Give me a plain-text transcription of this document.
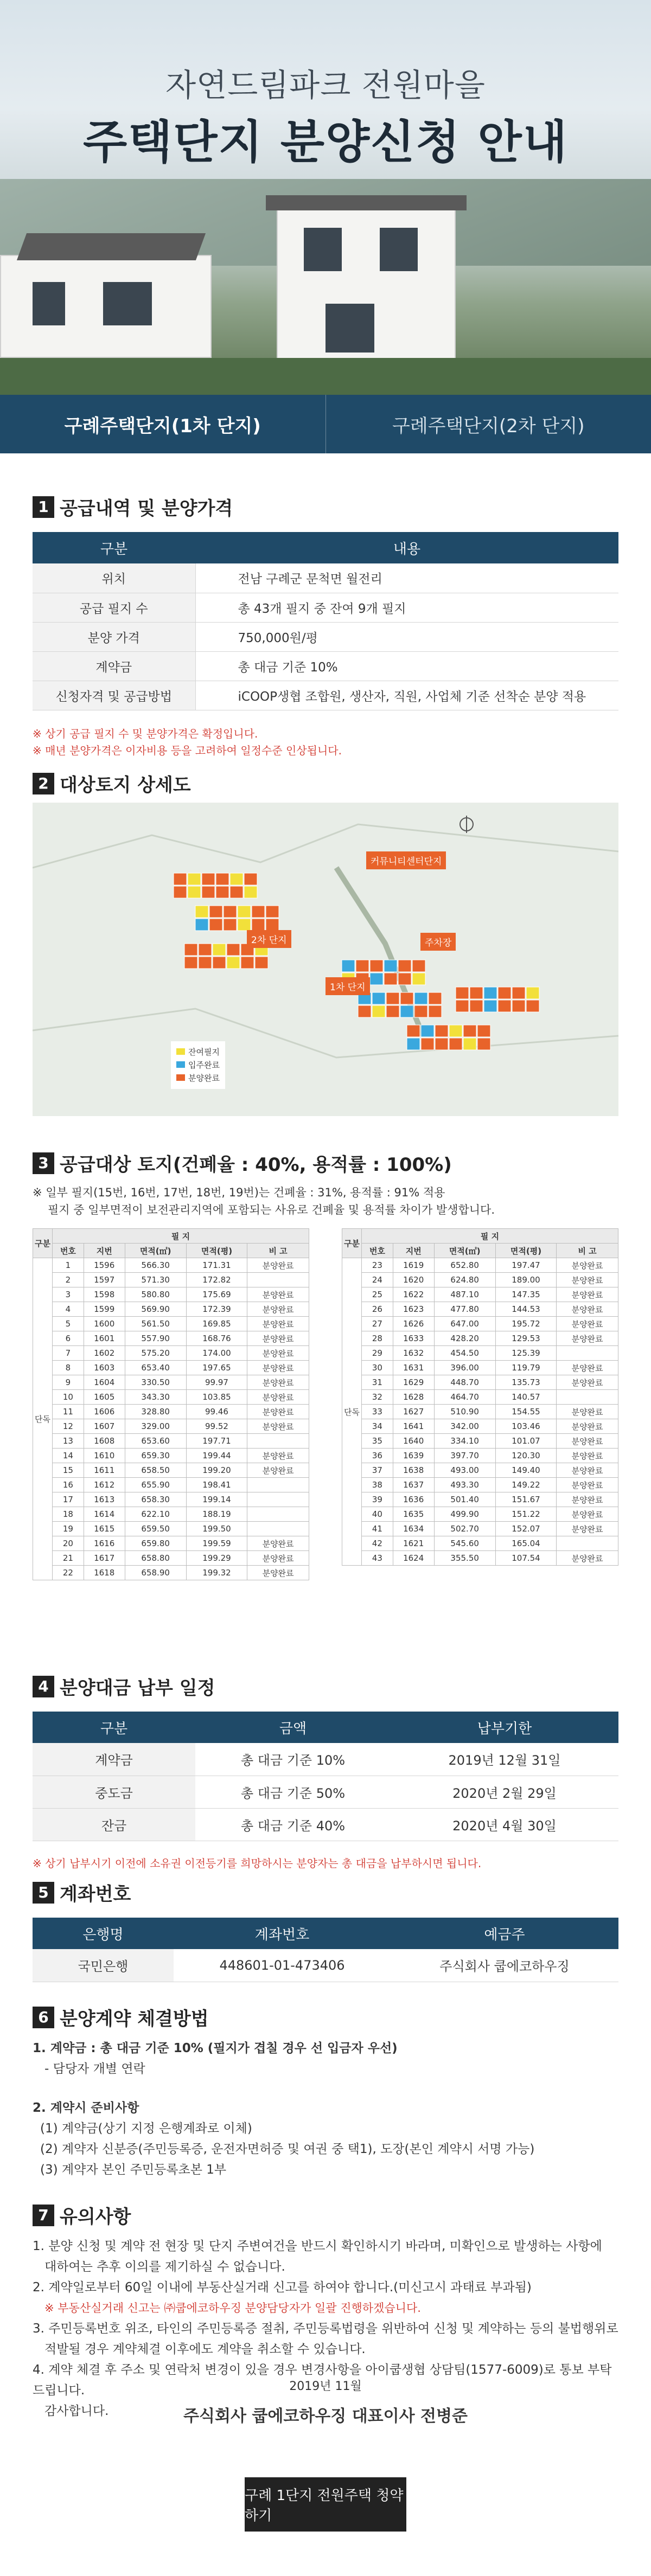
자연드림파크 전원마을
주택단지 분양신청 안내
구례주택단지(1차 단지)	구례주택단지(2차 단지)
1 공급내역 및 분양가격
구분	내용
위치	전남 구례군 문척면 월전리
공급 필지 수	총 43개 필지 중 잔여 9개 필지
분양 가격	750,000원/평
계약금	총 대금 기준 10%
신청자격 및 공급방법	iCOOP생협 조합원, 생산자, 직원, 사업체 기준 선착순 분양 적용
※ 상기 공급 필지 수 및 분양가격은 확정입니다.
※ 매년 분양가격은 이자비용 등을 고려하여 일정수준 인상됩니다.
2 대상토지 상세도
커뮤니티센터단지
2차 단지	주차장
1차 단지
잔여필지
입주완료
분양완료
3 공급대상 토지(건폐율 : 40%, 용적률 : 100%)
※ 일부 필지(15번, 16번, 17번, 18번, 19번)는 건폐율 : 31%, 용적률 : 91% 적용
필지 중 일부면적이 보전관리지역에 포함되는 사유로 건폐율 및 용적률 차이가 발생합니다.
구분	필 지				
	번호	지번	면적(㎡)	면적(평)	비 고
단독	1	1596	566.30	171.31	분양완료
	2	1597	571.30	172.82	
	3	1598	580.80	175.69	분양완료
	4	1599	569.90	172.39	분양완료
	5	1600	561.50	169.85	분양완료
	6	1601	557.90	168.76	분양완료
	7	1602	575.20	174.00	분양완료
	8	1603	653.40	197.65	분양완료
	9	1604	330.50	99.97	분양완료
	10	1605	343.30	103.85	분양완료
	11	1606	328.80	99.46	분양완료
	12	1607	329.00	99.52	분양완료
	13	1608	653.60	197.71	
	14	1610	659.30	199.44	분양완료
	15	1611	658.50	199.20	분양완료
	16	1612	655.90	198.41	
	17	1613	658.30	199.14	
	18	1614	622.10	188.19	
	19	1615	659.50	199.50	
	20	1616	659.80	199.59	분양완료
	21	1617	658.80	199.29	분양완료
	22	1618	658.90	199.32	분양완료
구분	필 지				
	번호	지번	면적(㎡)	면적(평)	비 고
단독	23	1619	652.80	197.47	분양완료
	24	1620	624.80	189.00	분양완료
	25	1622	487.10	147.35	분양완료
	26	1623	477.80	144.53	분양완료
	27	1626	647.00	195.72	분양완료
	28	1633	428.20	129.53	분양완료
	29	1632	454.50	125.39	
	30	1631	396.00	119.79	분양완료
	31	1629	448.70	135.73	분양완료
	32	1628	464.70	140.57	
	33	1627	510.90	154.55	분양완료
	34	1641	342.00	103.46	분양완료
	35	1640	334.10	101.07	분양완료
	36	1639	397.70	120.30	분양완료
	37	1638	493.00	149.40	분양완료
	38	1637	493.30	149.22	분양완료
	39	1636	501.40	151.67	분양완료
	40	1635	499.90	151.22	분양완료
	41	1634	502.70	152.07	분양완료
	42	1621	545.60	165.04	
	43	1624	355.50	107.54	분양완료
4 분양대금 납부 일정
구분	금액	납부기한
계약금	총 대금 기준 10%	2019년 12월 31일
중도금	총 대금 기준 50%	2020년 2월 29일
잔금	총 대금 기준 40%	2020년 4월 30일
※ 상기 납부시기 이전에 소유권 이전등기를 희망하시는 분양자는 총 대금을 납부하시면 됩니다.
5 계좌번호
은행명	계좌번호	예금주
국민은행	448601-01-473406	주식회사 쿱에코하우징
6 분양계약 체결방법
1. 계약금 : 총 대금 기준 10% (필지가 겹칠 경우 선 입금자 우선)
- 담당자 개별 연락
2. 계약시 준비사항
(1) 계약금(상기 지정 은행계좌로 이체)
(2) 계약자 신분증(주민등록증, 운전자면허증 및 여권 중 택1), 도장(본인 계약시 서명 가능)
(3) 계약자 본인 주민등록초본 1부
7 유의사항
1. 분양 신청 및 계약 전 현장 및 단지 주변여건을 반드시 확인하시기 바라며, 미확인으로 발생하는 사항에
대하여는 추후 이의를 제기하실 수 없습니다.
2. 계약일로부터 60일 이내에 부동산실거래 신고를 하여야 합니다.(미신고시 과태료 부과됨)
※ 부동산실거래 신고는 ㈜쿱에코하우징 분양담당자가 일괄 진행하겠습니다.
3. 주민등록번호 위조, 타인의 주민등록증 절취, 주민등록법령을 위반하여 신청 및 계약하는 등의 불법행위로
적발될 경우 계약체결 이후에도 계약을 취소할 수 있습니다.
4. 계약 체결 후 주소 및 연락처 변경이 있을 경우 변경사항을 아이쿱생협 상담팀(1577-6009)로 통보 부탁드립니다.
감사합니다.
2019년 11월
주식회사 쿱에코하우징 대표이사 전병준
구례 1단지 전원주택 청약하기
